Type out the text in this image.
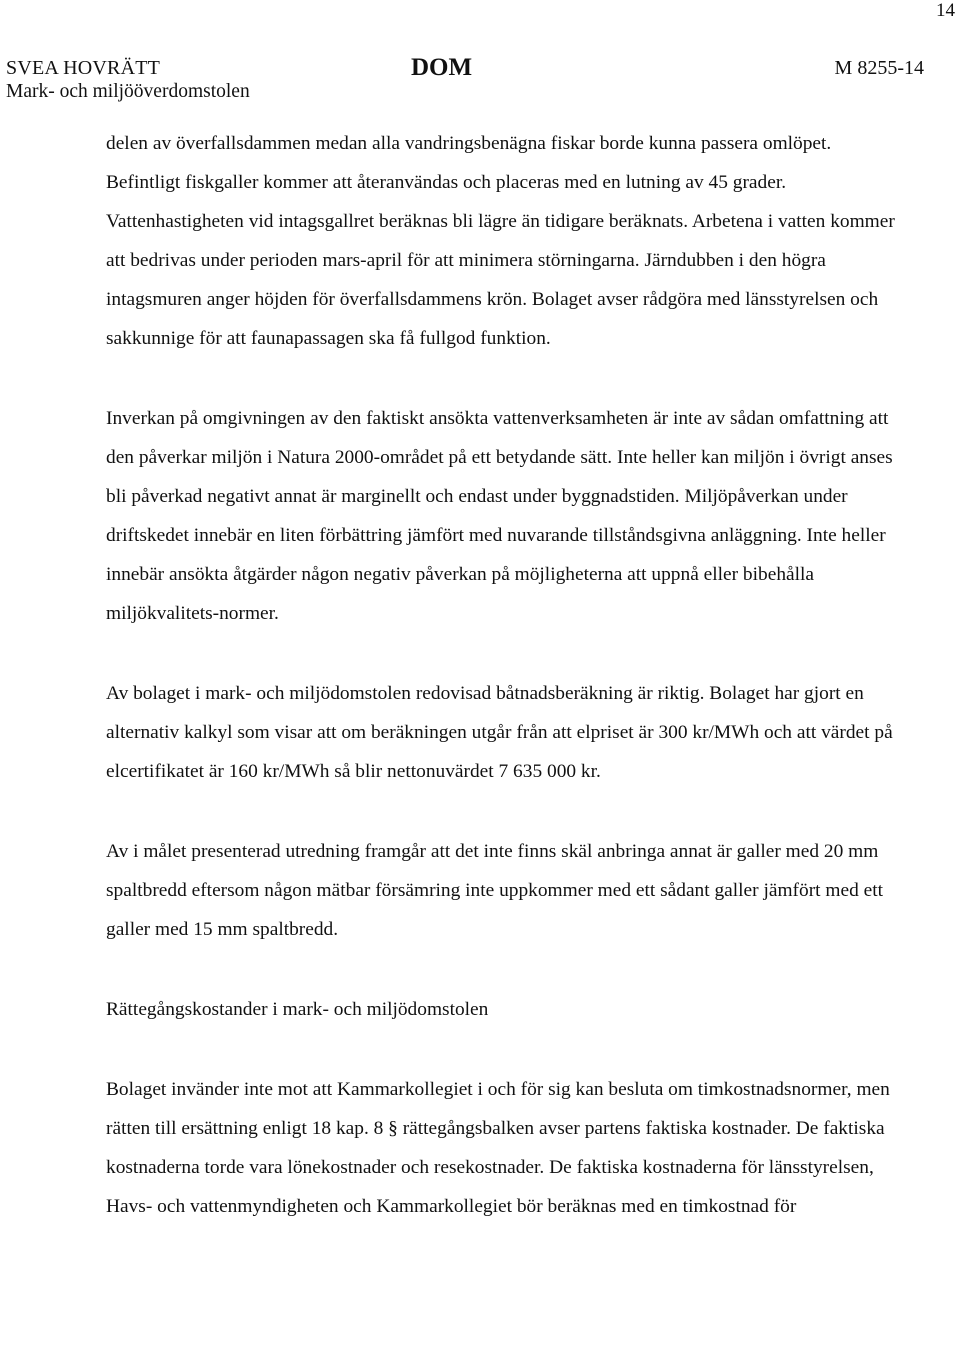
14
SVEA HOVRÄTT
Mark- och miljööverdomstolen
DOM	M 8255-14

delen av överfallsdammen medan alla vandringsbenägna fiskar borde kunna passera omlöpet. Befintligt fiskgaller kommer att återanvändas och placeras med en lutning av 45 grader. Vattenhastigheten vid intagsgallret beräknas bli lägre än tidigare beräknats. Arbetena i vatten kommer att bedrivas under perioden mars-april för att minimera störningarna. Järndubben i den högra intagsmuren anger höjden för överfallsdammens krön. Bolaget avser rådgöra med länsstyrelsen och sakkunnige för att faunapassagen ska få fullgod funktion.

Inverkan på omgivningen av den faktiskt ansökta vattenverksamheten är inte av sådan omfattning att den påverkar miljön i Natura 2000-området på ett betydande sätt. Inte heller kan miljön i övrigt anses bli påverkad negativt annat är marginellt och endast under byggnadstiden. Miljöpåverkan under driftskedet innebär en liten förbättring jämfört med nuvarande tillståndsgivna anläggning. Inte heller innebär ansökta åtgärder någon negativ påverkan på möjligheterna att uppnå eller bibehålla miljökvalitets-normer.

Av bolaget i mark- och miljödomstolen redovisad båtnadsberäkning är riktig. Bolaget har gjort en alternativ kalkyl som visar att om beräkningen utgår från att elpriset är 300 kr/MWh och att värdet på elcertifikatet är 160 kr/MWh så blir nettonuvärdet 7 635 000 kr.

Av i målet presenterad utredning framgår att det inte finns skäl anbringa annat är galler med 20 mm spaltbredd eftersom någon mätbar försämring inte uppkommer med ett sådant galler jämfört med ett galler med 15 mm spaltbredd.

Rättegångskostander i mark- och miljödomstolen

Bolaget invänder inte mot att Kammarkollegiet i och för sig kan besluta om timkostnadsnormer, men rätten till ersättning enligt 18 kap. 8 § rättegångsbalken avser partens faktiska kostnader. De faktiska kostnaderna torde vara lönekostnader och resekostnader. De faktiska kostnaderna för länsstyrelsen, Havs- och vattenmyndigheten och Kammarkollegiet bör beräknas med en timkostnad för
